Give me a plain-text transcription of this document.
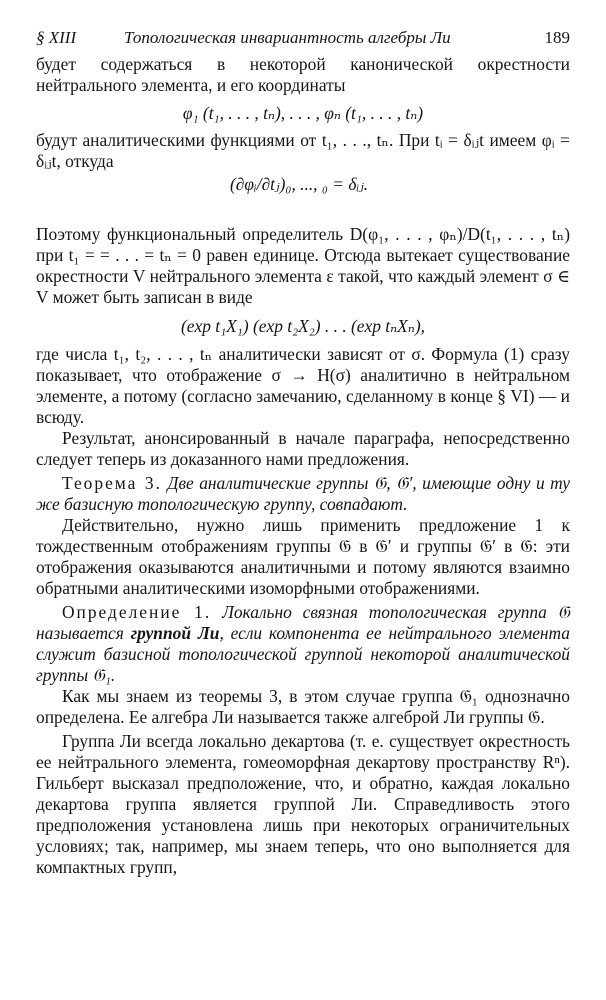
§ XIII	Топологическая инвариантность алгебры Ли	189

будет содержаться в некоторой канонической окрестности нейтрального элемента, и его координаты

φ₁ (t₁, . . . , tₙ), . . . , φₙ (t₁, . . . , tₙ)

будут аналитическими функциями от t₁, . . ., tₙ. При tᵢ = δᵢⱼt имеем φᵢ = δᵢⱼt, откуда

(∂φᵢ/∂tⱼ)₀, ..., ₀ = δᵢⱼ.

Поэтому функциональный определитель D(φ₁, . . . , φₙ)/D(t₁, . . . , tₙ) при t₁ = = . . . = tₙ = 0 равен единице. Отсюда вытекает существование окрестности V нейтрального элемента ε такой, что каждый элемент σ ∈ V может быть записан в виде

(exp t₁X₁) (exp t₂X₂) . . . (exp tₙXₙ),

где числа t₁, t₂, . . . , tₙ аналитически зависят от σ. Формула (1) сразу показывает, что отображение σ → H(σ) аналитично в нейтральном элементе, а потому (согласно замечанию, сделанному в конце § VI) — и всюду.

Результат, анонсированный в начале параграфа, непосредственно следует теперь из доказанного нами предложения.

Теорема 3. Две аналитические группы 𝔊, 𝔊′, имеющие одну и ту же базисную топологическую группу, совпадают.

Действительно, нужно лишь применить предложение 1 к тождественным отображениям группы 𝔊 в 𝔊′ и группы 𝔊′ в 𝔊: эти отображения оказываются аналитичными и потому являются взаимно обратными аналитическими изоморфными отображениями.

Определение 1. Локально связная топологическая группа 𝔊 называется группой Ли, если компонента ее нейтрального элемента служит базисной топологической группой некоторой аналитической группы 𝔊₁.

Как мы знаем из теоремы 3, в этом случае группа 𝔊₁ однозначно определена. Ее алгебра Ли называется также алгеброй Ли группы 𝔊.

Группа Ли всегда локально декартова (т. е. существует окрестность ее нейтрального элемента, гомеоморфная декартову пространству Rⁿ). Гильберт высказал предположение, что, и обратно, каждая локально декартова группа является группой Ли. Справедливость этого предположения установлена лишь при некоторых ограничительных условиях; так, например, мы знаем теперь, что оно выполняется для компактных групп,
